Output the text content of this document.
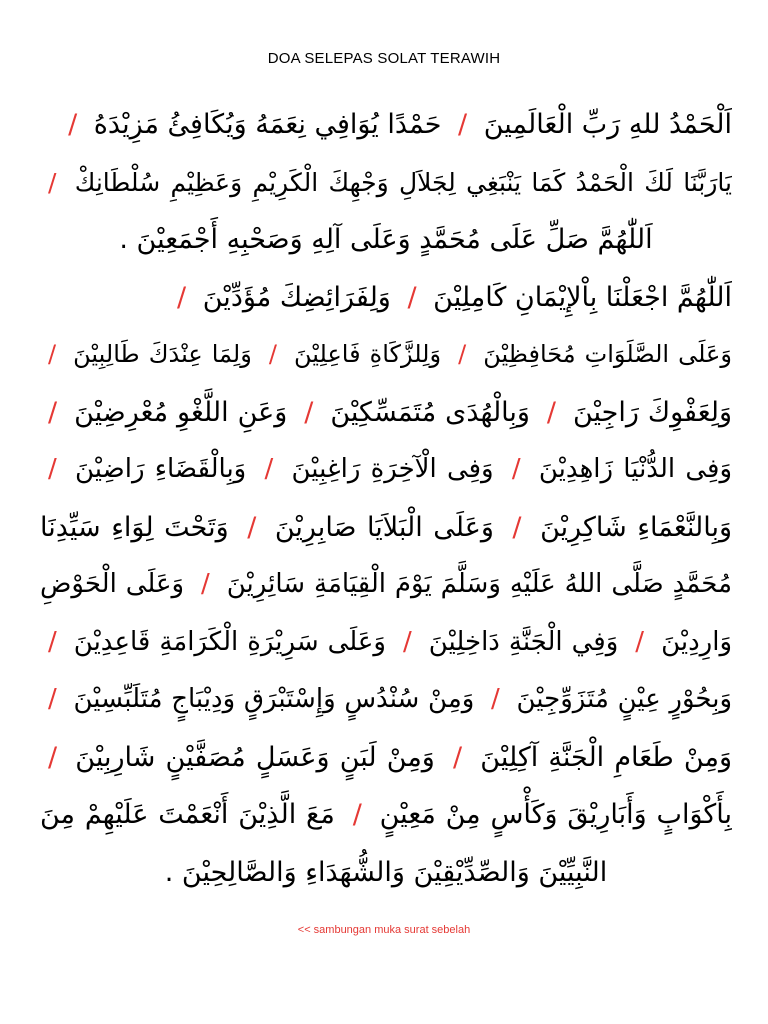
DOA SELEPAS SOLAT TERAWIH
اَلْحَمْدُ للهِ رَبِّ الْعَالَمِينَ / حَمْدًا يُوَافِي نِعَمَهُ وَيُكَافِئُ مَزِيْدَهُ /
يَارَبَّنَا لَكَ الْحَمْدُ كَمَا يَنْبَغِي لِجَلاَلِ وَجْهِكَ الْكَرِيْمِ وَعَظِيْمِ سُلْطَانِكْ /
اَللّٰهُمَّ صَلِّ عَلَى مُحَمَّدٍ وَعَلَى آلِهِ وَصَحْبِهِ أَجْمَعِيْنَ .
اَللّٰهُمَّ اجْعَلْنَا بِاْلإِيْمَانِ كَامِلِيْنَ / وَلِفَرَائِضِكَ مُؤَدِّيْنَ /
وَعَلَى الصَّلَوَاتِ مُحَافِظِيْنَ / وَلِلزَّكَاةِ فَاعِلِيْنَ / وَلِمَا عِنْدَكَ طَالِبِيْنَ /
وَلِعَفْوِكَ رَاجِيْنَ / وَبِالْهُدَى مُتَمَسِّكِيْنَ / وَعَنِ اللَّغْوِ مُعْرِضِيْنَ /
وَفِى الدُّنْيَا زَاهِدِيْنَ / وَفِى الْآخِرَةِ رَاغِبِيْنَ / وَبِالْقَضَاءِ رَاضِيْنَ /
وَبِالنَّعْمَاءِ شَاكِرِيْنَ / وَعَلَى الْبَلاَيَا صَابِرِيْنَ / وَتَحْتَ لِوَاءِ سَيِّدِنَا
مُحَمَّدٍ صَلَّى اللهُ عَلَيْهِ وَسَلَّمَ يَوْمَ الْقِيَامَةِ سَائِرِيْنَ / وَعَلَى الْحَوْضِ
وَارِدِيْنَ / وَفِي الْجَنَّةِ دَاخِلِيْنَ / وَعَلَى سَرِيْرَةِ الْكَرَامَةِ قَاعِدِيْنَ /
وَبِحُوْرٍ عِيْنٍ مُتَزَوِّجِيْنَ / وَمِنْ سُنْدُسٍ وَإِسْتَبْرَقٍ وَدِيْبَاجٍ مُتَلَبِّسِيْنَ /
وَمِنْ طَعَامِ الْجَنَّةِ آكِلِيْنَ / وَمِنْ لَبَنٍ وَعَسَلٍ مُصَفَّيْنٍ شَارِبِيْنَ /
بِأَكْوَابٍ وَأَبَارِيْقَ وَكَأْسٍ مِنْ مَعِيْنٍ / مَعَ الَّذِيْنَ أَنْعَمْتَ عَلَيْهِمْ مِنَ
النَّبِيِّيْنَ وَالصِّدِّيْقِيْنَ وَالشُّهَدَاءِ وَالصَّالِحِيْنَ .
<< sambungan muka surat sebelah
